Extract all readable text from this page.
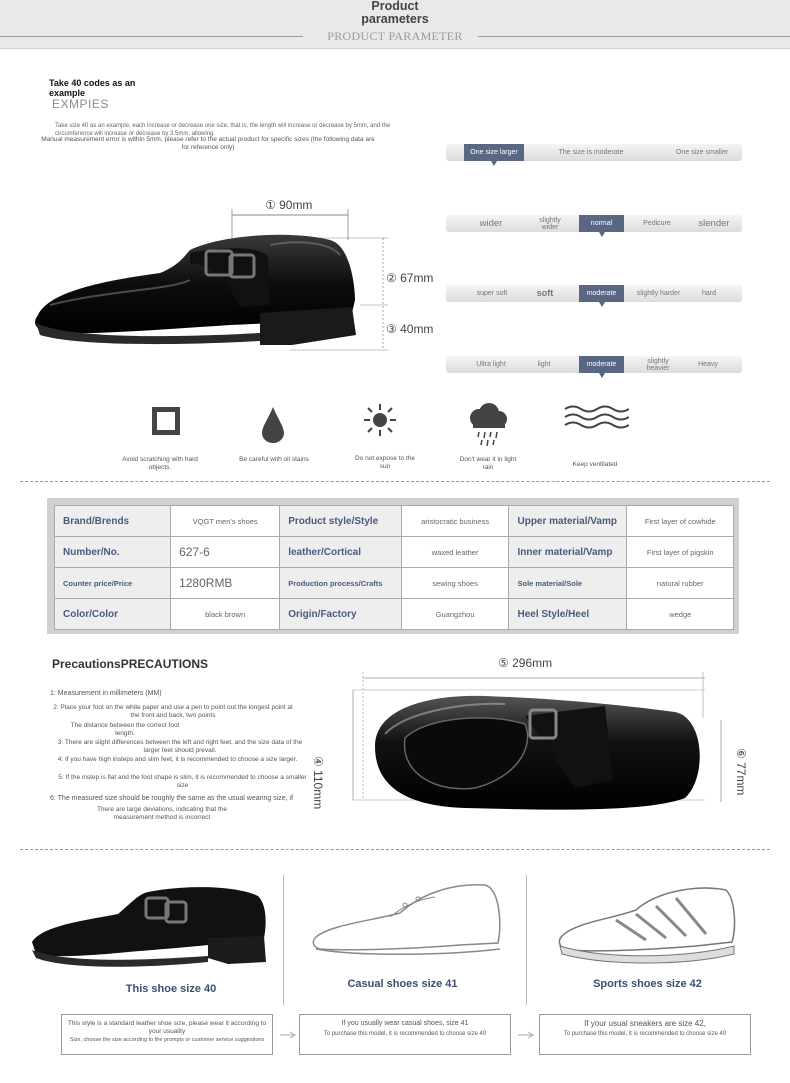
Product
parameters
PRODUCT PARAMETER
Take 40 codes as an example
EXMPIES
Take size 40 as an example, each increase or decrease one size, that is, the length will increase or decrease by 5mm, and the circumference will increase or decrease by 3.5mm, allowing
Manual measurement error is within 5mm, please refer to the actual product for specific sizes (the following data are for reference only)
① 90mm
② 67mm
③ 40mm
One size larger	The size is moderate	One size smaller
wider	slightly wider	normal	Pedicure	slender
super soft	soft	moderate	slightly harder	hard
Ultra light	light	moderate	slightly heavier	Heavy
Avoid scratching with hard objects.
Be careful with oil stains	Do not expose to the sun
Don't wear it in light rain	Keep ventilated
Brand/Brends	VQGT men's shoes	Product style/Style	aristocratic business	Upper material/Vamp	First layer of cowhide
Number/No.	627-6	leather/Cortical	waxed leather	Inner material/Vamp	First layer of pigskin
Counter price/Price	1280RMB	Production process/Crafts	sewing shoes	Sole material/Sole	natural rubber
Color/Color	black brown	Origin/Factory	Guangzhou	Heel Style/Heel	wedge
PrecautionsPRECAUTIONS
1: Measurement in millimeters (MM)
2: Place your foot on the white paper and use a pen to point out the longest point at the front and back, two points
The distance between the correct foot length.
3: There are slight differences between the left and right feet, and the size data of the larger feet should prevail.
4: If you have high insteps and slim feet, it is recommended to choose a size larger.
5: If the instep is flat and the foot shape is slim, it is recommended to choose a smaller size
6: The measured size should be roughly the same as the usual wearing size, if
There are large deviations, indicating that the measurement method is incorrect
⑤ 296mm
④ 110mm	⑥ 77mm
This shoe size 40	Casual shoes size 41	Sports shoes size 42
This style is a standard leather shoe size, please wear it according to your usuality
Size, choose the size according to the prompts or customer service suggestions
If you usually wear casual shoes, size 41
To purchase this model, it is recommended to choose size 40
If your usual sneakers are size 42,
To purchase this model, it is recommended to choose size 40
